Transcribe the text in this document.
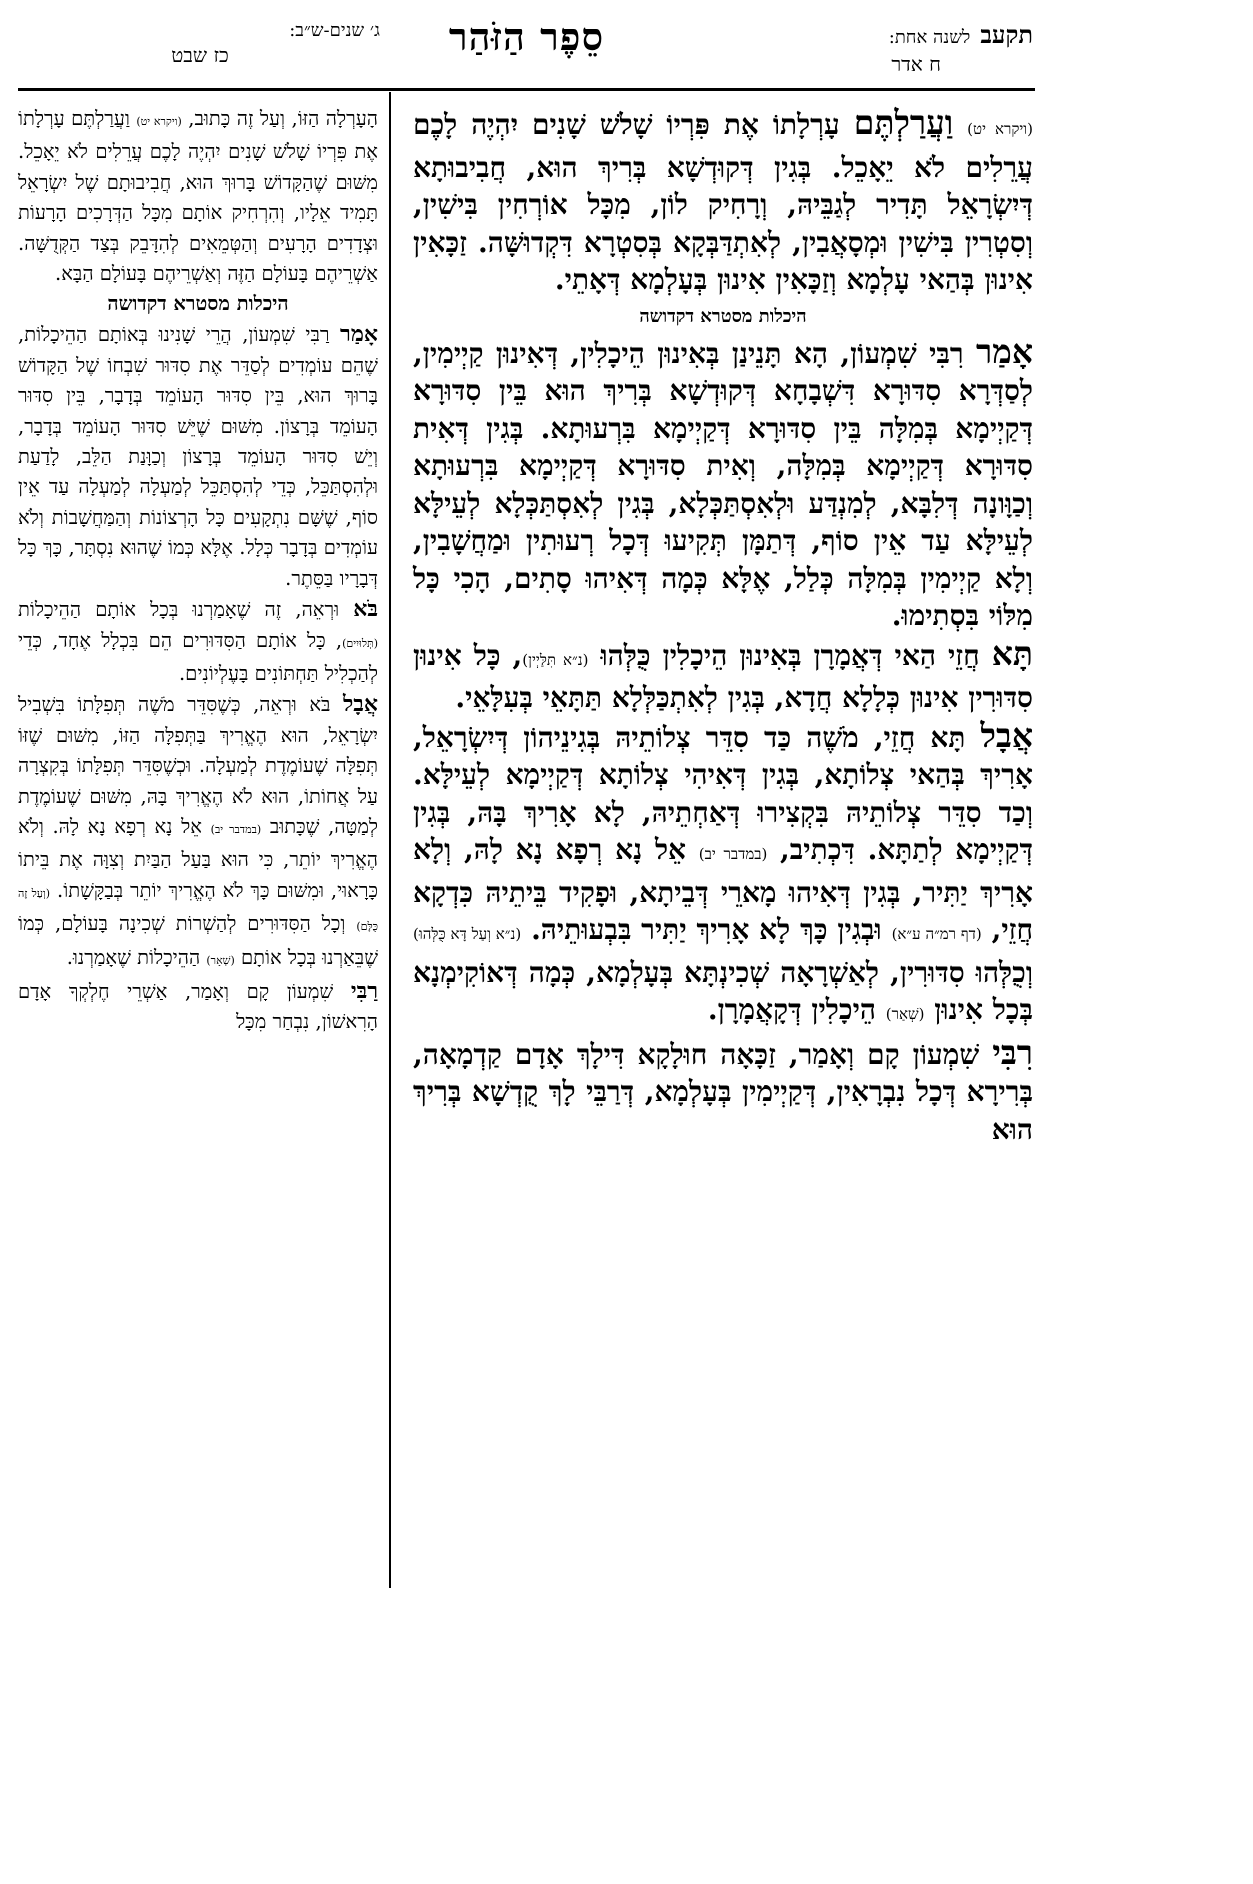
תקעב
לשנה אחת:
ח אדר
סֵפֶר הַזֹּהַר
ג׳ שנים-ש״ב:
כז שבט

(ויקרא יט) וַעֲרַלְתֶּם עָרְלָתוֹ אֶת פִּרְיוֹ שָׁלֹשׁ שָׁנִים יִהְיֶה לָכֶם עֲרֵלִים לֹא יֵאָכֵל. בְּגִין דְּקוּדְשָׁא בְּרִיךְ הוּא, חֲבִיבוּתָא דְּיִשְׂרָאֵל תָּדִיר לְגַבֵּיהּ, וְרָחִיק לוֹן, מִכָּל אוֹרְחִין בִּישִׁין, וְסִטְרִין בִּישִׁין וּמְסָאֲבִין, לְאִתְדַּבְּקָא בְּסִטְרָא דִּקְדוּשָּׁה. זַכָּאִין אִינוּן בְּהַאי עָלְמָא וְזַכָּאִין אִינוּן בְּעָלְמָא דְּאָתֵי.

היכלות מסטרא דקדושה

אָמַר רִבִּי שִׁמְעוֹן, הָא תָּנֵינַן בְּאִינוּן הֵיכָלִין, דְּאִינוּן קַיְימִין, לְסַדְּרָא סִדּוּרָא דִּשְׁבָחָא דְּקוּדְשָׁא בְּרִיךְ הוּא בֵּין סִדּוּרָא דְּקַיְימָא בְּמִלָּה בֵּין סִדּוּרָא דְּקַיְימָא בִּרְעוּתָא. בְּגִין דְּאִית סִדּוּרָא דְּקַיְימָא בְּמִלָּה, וְאִית סִדּוּרָא דְּקַיְימָא בִּרְעוּתָא וְכַוָּונָה דְּלִבָּא, לְמִנְדַּע וּלְאִסְתַּכְּלָא, בְּגִין לְאִסְתַּכְּלָא לְעֵילָּא לְעֵילָּא עַד אֵין סוֹף, דְּתַמָּן תְּקִיעוּ דְּכָל רְעוּתִין וּמַחֲשָׁבִין, וְלָא קַיְימִין בְּמִלָּה כְּלַל, אֶלָּא כְּמָה דְּאִיהוּ סָתִים, הָכִי כָּל מִלּוֹי בִּסְתִימוּ.

תָּא חֲזֵי הַאי דְּאֲמָרָן בְּאִינוּן הֵיכָלִין כֻּלְּהוּ (נ״א תִּלַּיְין), כָּל אִינוּן סִדּוּרִין אִינוּן כְּלָלָא חֲדָא, בְּגִין לְאִתְכַּלְּלָא תַּתָּאֵי בְּעִלָּאֵי.

אֲבָל תָּא חֲזֵי, מֹשֶׁה כַּד סִדֵּר צְלוֹתֵיהּ בְּגִינֵיהוֹן דְּיִשְׂרָאֵל, אָרִיךְ בְּהַאי צְלוֹתָא, בְּגִין דְּאִיהִי צְלוֹתָא דְּקַיְימָא לְעֵילָּא. וְכַד סִדֵּר צְלוֹתֵיהּ בִּקְצִירוּ דְּאַחְתֵיהּ, לָא אָרִיךְ בָּהּ, בְּגִין דְּקַיְימָא לְתַתָּא. דִּכְתִיב, (במדבר יב) אֵל נָא רְפָא נָא לָהּ, וְלָא אָרִיךְ יַתִּיר, בְּגִין דְּאִיהוּ מָארֵי דְּבֵיתָא, וּפָקִיד בֵּיתֵיהּ כִּדְקָא חֲזֵי, (דף רמ״ה ע״א) וּבְגִין כָּךְ לָא אָרִיךְ יַתִּיר בִּבְעוּתֵיהּ. (נ״א וְעַל דָּא כֻּלְּהוּ) וְכֻלְּהוּ סִדּוּרִין, לְאַשְׁרָאָה שְׁכִינְתָּא בְּעָלְמָא, כְּמָה דְּאוֹקִימְנָא בְּכָל אִינוּן (שְׁאַר) הֵיכָלִין דְּקָאֲמָרָן.

רִבִּי שִׁמְעוֹן קָם וְאָמַר, זַכָּאָה חוּלָקָא דִּילָךְ אָדָם קַדְמָאָה, בְּרִירָא דְּכָל נִבְרָאִין, דְּקַיְימִין בְּעָלְמָא, דְּרַבֵּי לָךְ קֻדְשָׁא בְּרִיךְ הוּא

הָעָרְלָה הַזּוֹ, וְעַל זֶה כָּתוּב, (ויקרא יט) וַעֲרַלְתֶּם עָרְלָתוֹ אֶת פִּרְיוֹ שָׁלֹשׁ שָׁנִים יִהְיֶה לָכֶם עֲרֵלִים לֹא יֵאָכֵל. מִשּׁוּם שֶׁהַקָּדוֹשׁ בָּרוּךְ הוּא, חֲבִיבוּתָם שֶׁל יִשְׂרָאֵל תָּמִיד אֵלָיו, וְהִרְחִיק אוֹתָם מִכָּל הַדְּרָכִים הָרָעוֹת וּצְדָדִים הָרָעִים וְהַטְּמֵאִים לְהִדָּבֵק בְּצַד הַקְּדֻשָּׁה. אַשְׁרֵיהֶם בָּעוֹלָם הַזֶּה וְאַשְׁרֵיהֶם בָּעוֹלָם הַבָּא.

היכלות מסטרא דקדושה

אָמַר רַבִּי שִׁמְעוֹן, הֲרֵי שָׁנִינוּ בְּאוֹתָם הַהֵיכָלוֹת, שֶׁהֵם עוֹמְדִים לְסַדֵּר אֶת סִדּוּר שִׁבְחוֹ שֶׁל הַקָּדוֹשׁ בָּרוּךְ הוּא, בֵּין סִדּוּר הָעוֹמֵד בְּדָבָר, בֵּין סִדּוּר הָעוֹמֵד בְּרָצוֹן. מִשּׁוּם שֶׁיֵּשׁ סִדּוּר הָעוֹמֵד בְּדָבָר, וְיֵשׁ סִדּוּר הָעוֹמֵד בְּרָצוֹן וְכַוָּנַת הַלֵּב, לָדַעַת וּלְהִסְתַּכֵּל, כְּדֵי לְהִסְתַּכֵּל לְמַעְלָה לְמַעְלָה עַד אֵין סוֹף, שֶׁשָּׁם נִתְקָעִים כָּל הָרְצוֹנוֹת וְהַמַּחֲשָׁבוֹת וְלֹא עוֹמְדִים בְּדָבָר כְּלָל. אֶלָּא כְּמוֹ שֶׁהוּא נִסְתָּר, כָּךְ כָּל דְּבָרָיו בַּסֵּתֶר.

בֹּא וּרְאֵה, זֶה שֶׁאָמַרְנוּ בְּכָל אוֹתָם הַהֵיכָלוֹת (תְּלוּיִים), כָּל אוֹתָם הַסִּדּוּרִים הֵם בִּכְלָל אֶחָד, כְּדֵי לְהַכְלִיל תַּחְתּוֹנִים בָּעֶלְיוֹנִים.

אֲבָל בֹּא וּרְאֵה, כְּשֶׁסִּדֵּר מֹשֶׁה תְּפִלָּתוֹ בִּשְׁבִיל יִשְׂרָאֵל, הוּא הֶאֱרִיךְ בַּתְּפִלָּה הַזּוֹ, מִשּׁוּם שֶׁזּוֹ תְּפִלָּה שֶׁעוֹמֶדֶת לְמַעְלָה. וּכְשֶׁסִּדֵּר תְּפִלָּתוֹ בְּקִצְרָה עַל אֲחוֹתוֹ, הוּא לֹא הֶאֱרִיךְ בָּהּ, מִשּׁוּם שֶׁעוֹמֶדֶת לְמַטָּה, שֶׁכָּתוּב (במדבר יב) אֵל נָא רְפָא נָא לָהּ. וְלֹא הֶאֱרִיךְ יוֹתֵר, כִּי הוּא בַּעַל הַבַּיִת וְצִוָּה אֶת בֵּיתוֹ כָּרָאוּי, וּמִשּׁוּם כָּךְ לֹא הֶאֱרִיךְ יוֹתֵר בְּבַקָּשָׁתוֹ. (וְעַל זֶה כֻּלָּם) וְכָל הַסִּדּוּרִים לְהַשְׁרוֹת שְׁכִינָה בָּעוֹלָם, כְּמוֹ שֶׁבֵּאַרְנוּ בְּכָל אוֹתָם (שְׁאָר) הַהֵיכָלוֹת שֶׁאָמַרְנוּ.

רַבִּי שִׁמְעוֹן קָם וְאָמַר, אַשְׁרֵי חֶלְקְךָ אָדָם הָרִאשׁוֹן, נִבְחַר מִכָּל
